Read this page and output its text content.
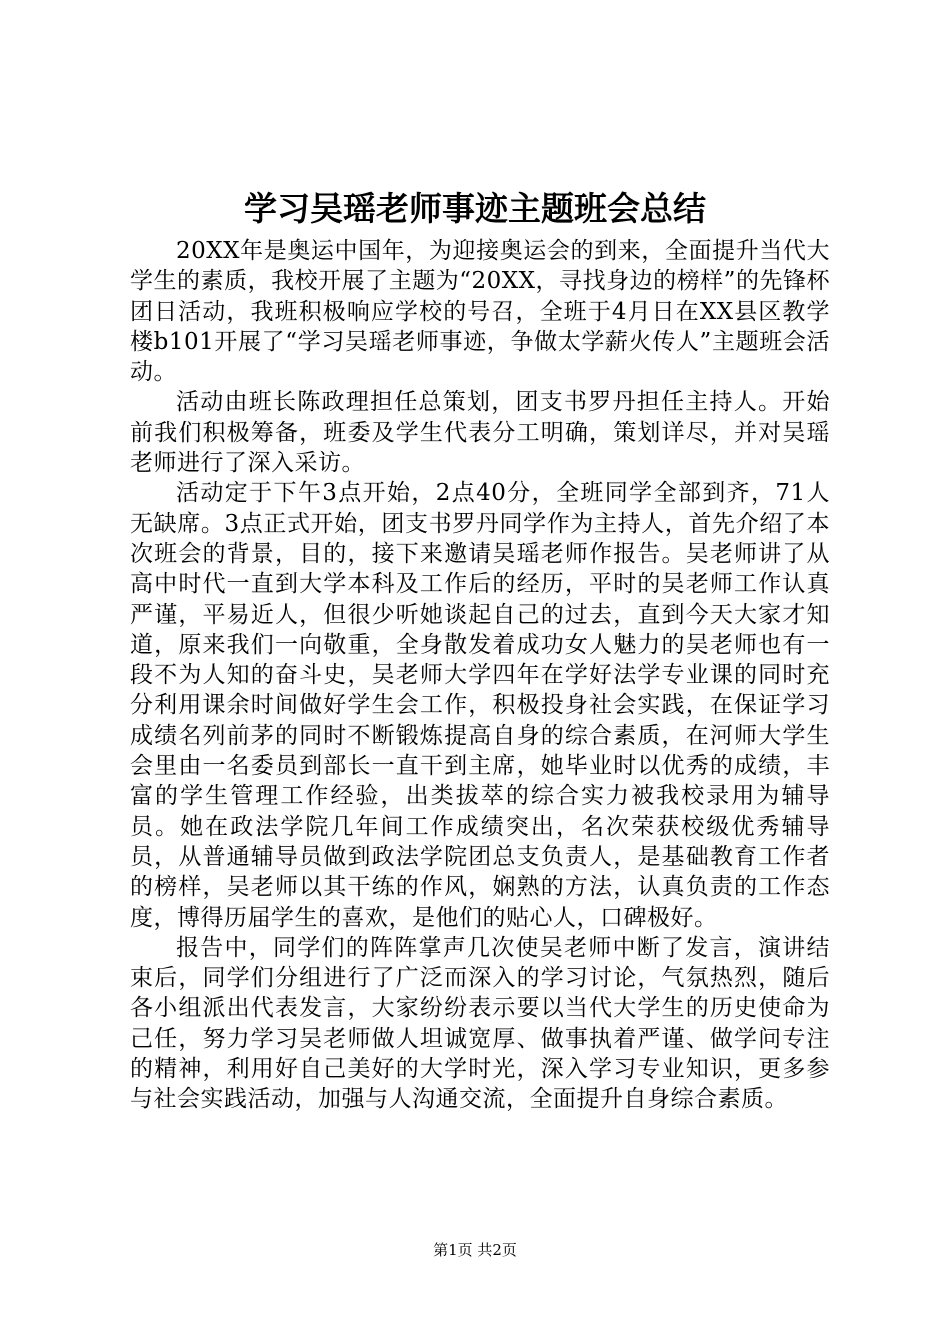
学习吴瑶老师事迹主题班会总结

20XX年是奥运中国年，为迎接奥运会的到来，全面提升当代大学生的素质，我校开展了主题为“20XX，寻找身边的榜样”的先锋杯团日活动，我班积极响应学校的号召，全班于4月日在XX县区教学楼b101开展了“学习吴瑶老师事迹，争做太学薪火传人”主题班会活动。

活动由班长陈政理担任总策划，团支书罗丹担任主持人。开始前我们积极筹备，班委及学生代表分工明确，策划详尽，并对吴瑶老师进行了深入采访。

活动定于下午3点开始，2点40分，全班同学全部到齐，71人无缺席。3点正式开始，团支书罗丹同学作为主持人，首先介绍了本次班会的背景，目的，接下来邀请吴瑶老师作报告。吴老师讲了从高中时代一直到大学本科及工作后的经历，平时的吴老师工作认真严谨，平易近人，但很少听她谈起自己的过去，直到今天大家才知道，原来我们一向敬重，全身散发着成功女人魅力的吴老师也有一段不为人知的奋斗史，吴老师大学四年在学好法学专业课的同时充分利用课余时间做好学生会工作，积极投身社会实践，在保证学习成绩名列前茅的同时不断锻炼提高自身的综合素质，在河师大学生会里由一名委员到部长一直干到主席，她毕业时以优秀的成绩，丰富的学生管理工作经验，出类拔萃的综合实力被我校录用为辅导员。她在政法学院几年间工作成绩突出，名次荣获校级优秀辅导员，从普通辅导员做到政法学院团总支负责人，是基础教育工作者的榜样，吴老师以其干练的作风，娴熟的方法，认真负责的工作态度，博得历届学生的喜欢，是他们的贴心人，口碑极好。

报告中，同学们的阵阵掌声几次使吴老师中断了发言，演讲结束后，同学们分组进行了广泛而深入的学习讨论，气氛热烈，随后各小组派出代表发言，大家纷纷表示要以当代大学生的历史使命为己任，努力学习吴老师做人坦诚宽厚、做事执着严谨、做学问专注的精神，利用好自己美好的大学时光，深入学习专业知识，更多参与社会实践活动，加强与人沟通交流，全面提升自身综合素质。

第1页 共2页
